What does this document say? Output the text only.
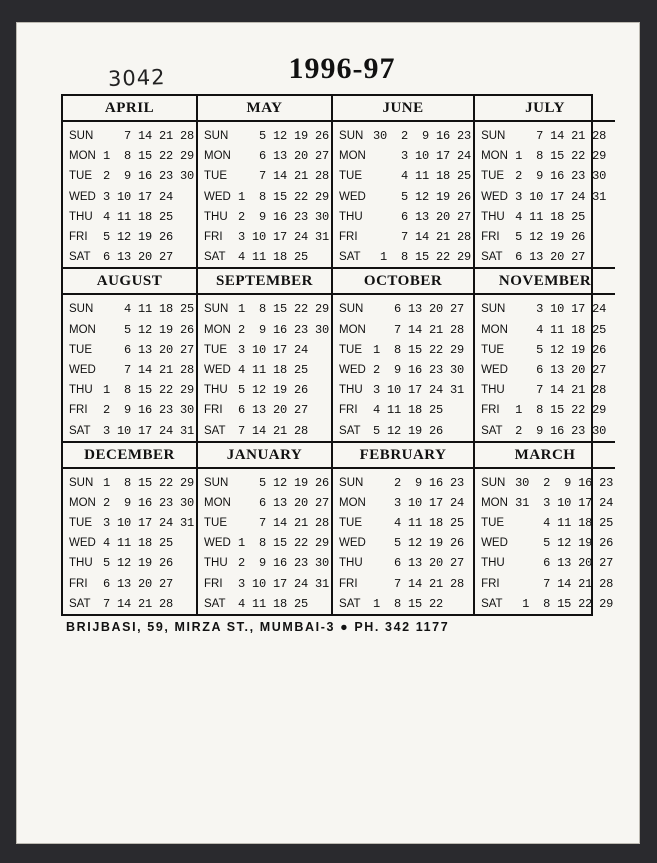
3042	1996-97
APRIL
SUN 7 14 21 28
MON 1  8 15 22 29
TUE 2  9 16 23 30
WED 3 10 17 24
THU 4 11 18 25
FRI	5 12 19 26
SAT	6 13 20 27
MAY
SUN 5 12 19 26
MON 6 13 20 27
TUE 7 14 21 28
WED 1  8 15 22 29
THU 2  9 16 23 30
FRI	3 10 17 24 31
SAT	4 11 18 25
JUNE
SUN 30  2  9 16 23
MON 3 10 17 24
TUE 4 11 18 25
WED 5 12 19 26
THU 6 13 20 27
FRI	7 14 21 28
SAT	1  8 15 22 29
JULY
SUN 7 14 21 28
MON 1  8 15 22 29
TUE 2  9 16 23 30
WED 3 10 17 24 31
THU 4 11 18 25
FRI	5 12 19 26
SAT	6 13 20 27
AUGUST
SUN 4 11 18 25
MON 5 12 19 26
TUE 6 13 20 27
WED 7 14 21 28
THU 1  8 15 22 29
FRI	2  9 16 23 30
SAT	3 10 17 24 31
SEPTEMBER
SUN 1  8 15 22 29
MON 2  9 16 23 30
TUE 3 10 17 24
WED 4 11 18 25
THU 5 12 19 26
FRI	6 13 20 27
SAT	7 14 21 28
OCTOBER
SUN 6 13 20 27
MON 7 14 21 28
TUE 1  8 15 22 29
WED 2  9 16 23 30
THU 3 10 17 24 31
FRI	4 11 18 25
SAT	5 12 19 26
NOVEMBER
SUN 3 10 17 24
MON 4 11 18 25
TUE 5 12 19 26
WED 6 13 20 27
THU 7 14 21 28
FRI	1  8 15 22 29
SAT	2  9 16 23 30
DECEMBER
SUN 1  8 15 22 29
MON 2  9 16 23 30
TUE 3 10 17 24 31
WED 4 11 18 25
THU 5 12 19 26
FRI	6 13 20 27
SAT	7 14 21 28
JANUARY
SUN 5 12 19 26
MON 6 13 20 27
TUE 7 14 21 28
WED 1  8 15 22 29
THU 2  9 16 23 30
FRI	3 10 17 24 31
SAT	4 11 18 25
FEBRUARY
SUN 2  9 16 23
MON 3 10 17 24
TUE 4 11 18 25
WED 5 12 19 26
THU 6 13 20 27
FRI	7 14 21 28
SAT	1  8 15 22
MARCH
SUN 30  2  9 16 23
MON 31  3 10 17 24
TUE 4 11 18 25
WED 5 12 19 26
THU 6 13 20 27
FRI	7 14 21 28
SAT	1  8 15 22 29
BRIJBASI, 59, MIRZA ST., MUMBAI-3 ● PH. 342 1177
